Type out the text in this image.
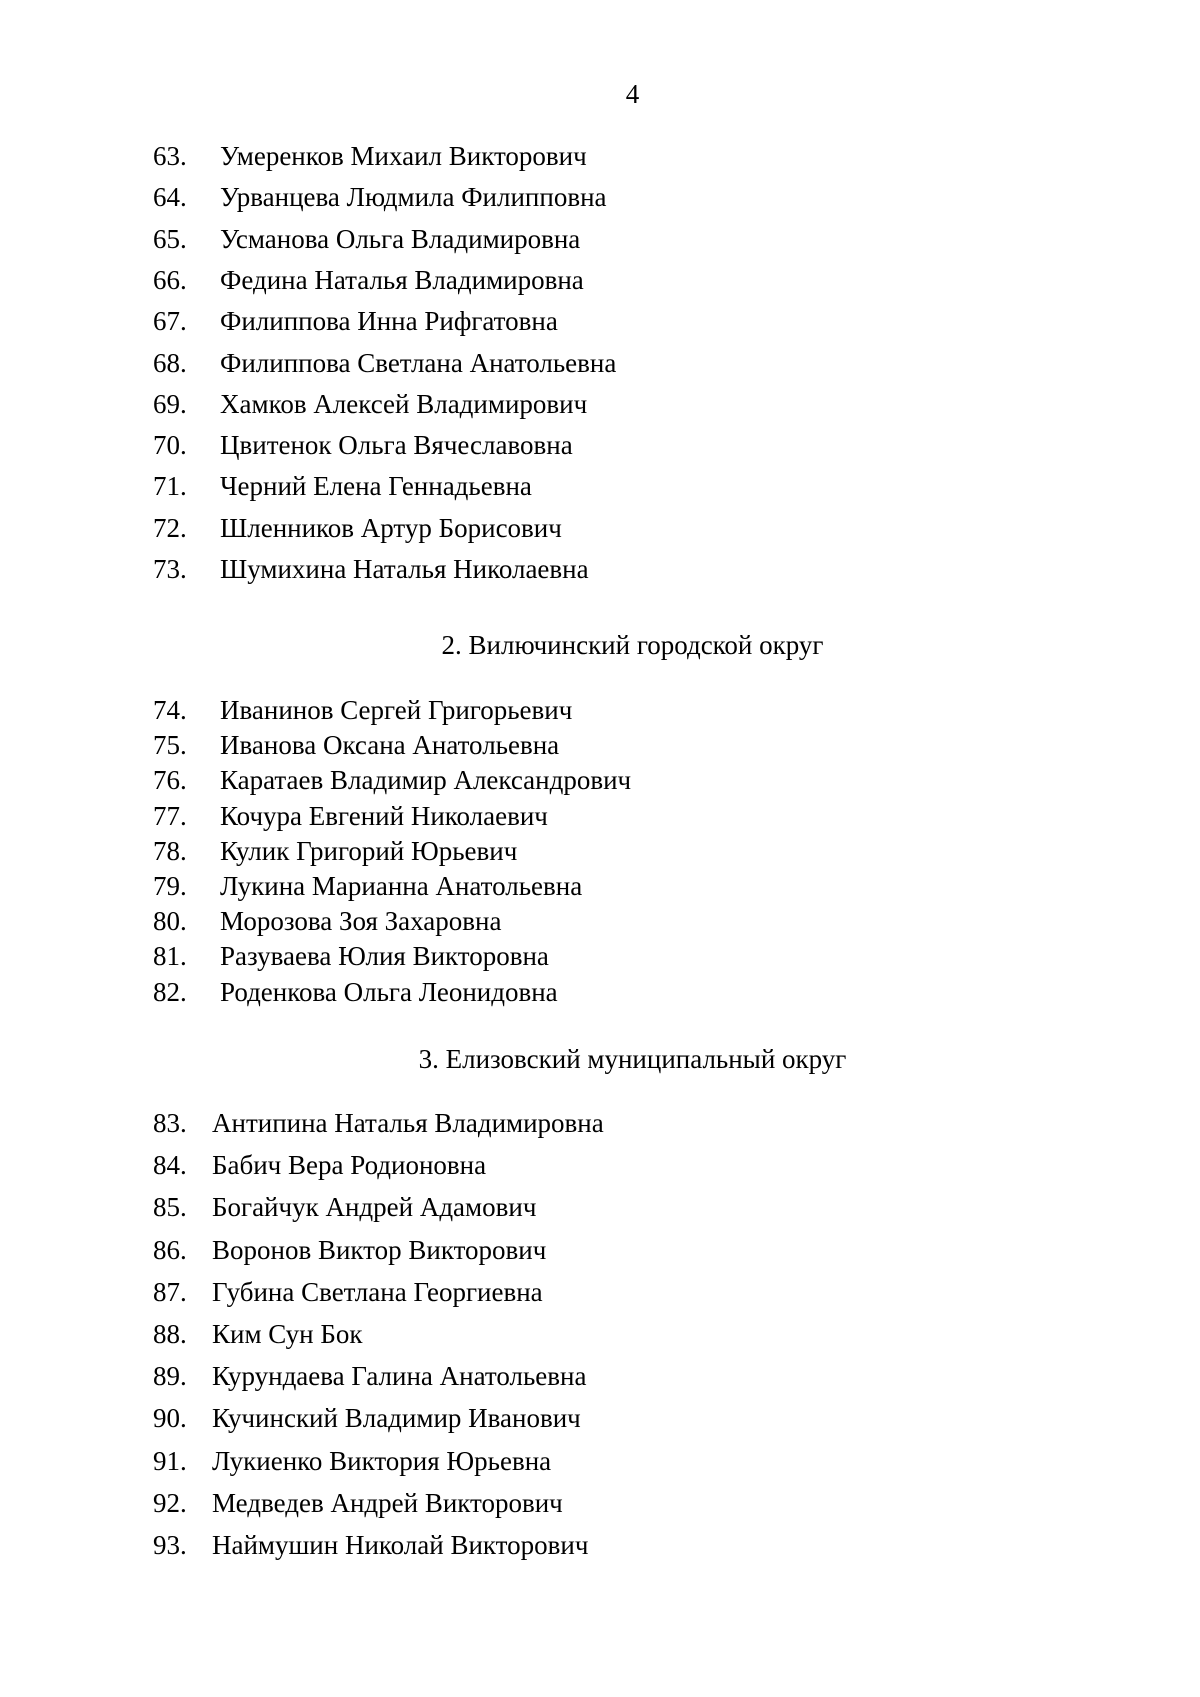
4
63.	Умеренков Михаил Викторович
64.	Урванцева Людмила Филипповна
65.	Усманова Ольга Владимировна
66.	Федина Наталья Владимировна
67.	Филиппова Инна Рифгатовна
68.	Филиппова Светлана Анатольевна
69.	Хамков Алексей Владимирович
70.	Цвитенок Ольга Вячеславовна
71.	Черний Елена Геннадьевна
72.	Шленников Артур Борисович
73.	Шумихина Наталья Николаевна
2. Вилючинский городской округ
74.	Иванинов Сергей Григорьевич
75.	Иванова Оксана Анатольевна
76.	Каратаев Владимир Александрович
77.	Кочура Евгений Николаевич
78.	Кулик Григорий Юрьевич
79.	Лукина Марианна Анатольевна
80.	Морозова Зоя Захаровна
81.	Разуваева Юлия Викторовна
82.	Роденкова Ольга Леонидовна
3. Елизовский муниципальный округ
83. Антипина Наталья Владимировна
84. Бабич Вера Родионовна
85. Богайчук Андрей Адамович
86. Воронов Виктор Викторович
87. Губина Светлана Георгиевна
88. Ким Сун Бок
89. Курундаева Галина Анатольевна
90. Кучинский Владимир Иванович
91. Лукиенко Виктория Юрьевна
92. Медведев Андрей Викторович
93. Наймушин Николай Викторович
